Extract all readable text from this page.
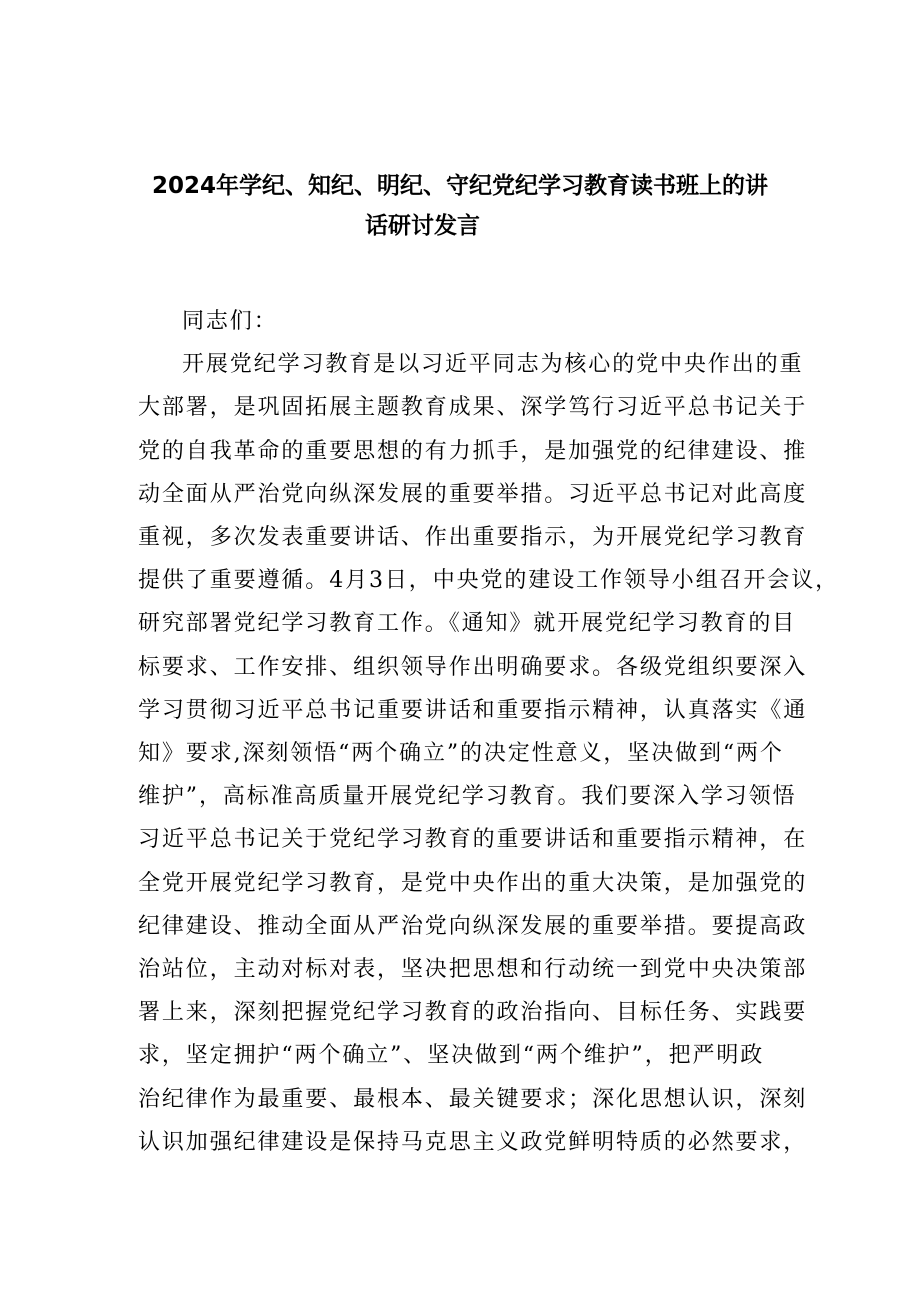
2024年学纪、知纪、明纪、守纪党纪学习教育读书班上的讲
话研讨发言

同志们：

开展党纪学习教育是以习近平同志为核心的党中央作出的重
大部署，是巩固拓展主题教育成果、深学笃行习近平总书记关于
党的自我革命的重要思想的有力抓手，是加强党的纪律建设、推
动全面从严治党向纵深发展的重要举措。习近平总书记对此高度
重视，多次发表重要讲话、作出重要指示，为开展党纪学习教育
提供了重要遵循。4月3日，中央党的建设工作领导小组召开会议，
研究部署党纪学习教育工作。《通知》就开展党纪学习教育的目
标要求、工作安排、组织领导作出明确要求。各级党组织要深入
学习贯彻习近平总书记重要讲话和重要指示精神，认真落实《通
知》要求,深刻领悟“两个确立”的决定性意义，坚决做到“两个
维护”，高标准高质量开展党纪学习教育。我们要深入学习领悟
习近平总书记关于党纪学习教育的重要讲话和重要指示精神，在
全党开展党纪学习教育，是党中央作出的重大决策，是加强党的
纪律建设、推动全面从严治党向纵深发展的重要举措。要提高政
治站位，主动对标对表，坚决把思想和行动统一到党中央决策部
署上来，深刻把握党纪学习教育的政治指向、目标任务、实践要
求，坚定拥护“两个确立”、坚决做到“两个维护”，把严明政
治纪律作为最重要、最根本、最关键要求；深化思想认识，深刻
认识加强纪律建设是保持马克思主义政党鲜明特质的必然要求，
